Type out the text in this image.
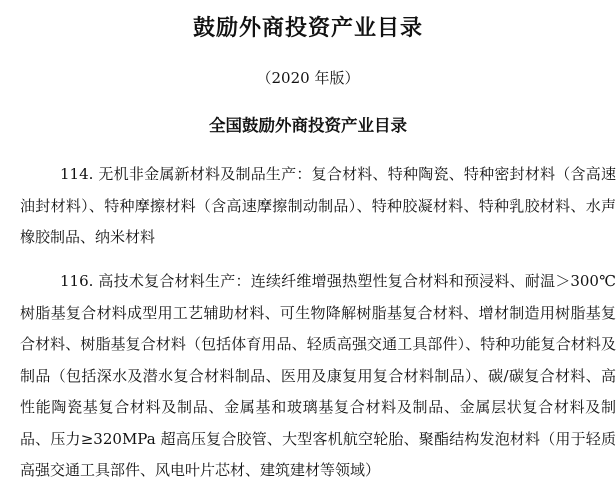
鼓励外商投资产业目录
（2020 年版）
全国鼓励外商投资产业目录

114. 无机非金属新材料及制品生产：复合材料、特种陶瓷、特种密封材料（含高速油封材料）、特种摩擦材料（含高速摩擦制动制品）、特种胶凝材料、特种乳胶材料、水声橡胶制品、纳米材料

116. 高技术复合材料生产：连续纤维增强热塑性复合材料和预浸料、耐温＞300℃树脂基复合材料成型用工艺辅助材料、可生物降解树脂基复合材料、增材制造用树脂基复合材料、树脂基复合材料（包括体育用品、轻质高强交通工具部件）、特种功能复合材料及制品（包括深水及潜水复合材料制品、医用及康复用复合材料制品）、碳/碳复合材料、高性能陶瓷基复合材料及制品、金属基和玻璃基复合材料及制品、金属层状复合材料及制品、压力≥320MPa 超高压复合胶管、大型客机航空轮胎、聚酯结构发泡材料（用于轻质高强交通工具部件、风电叶片芯材、建筑建材等领域）
